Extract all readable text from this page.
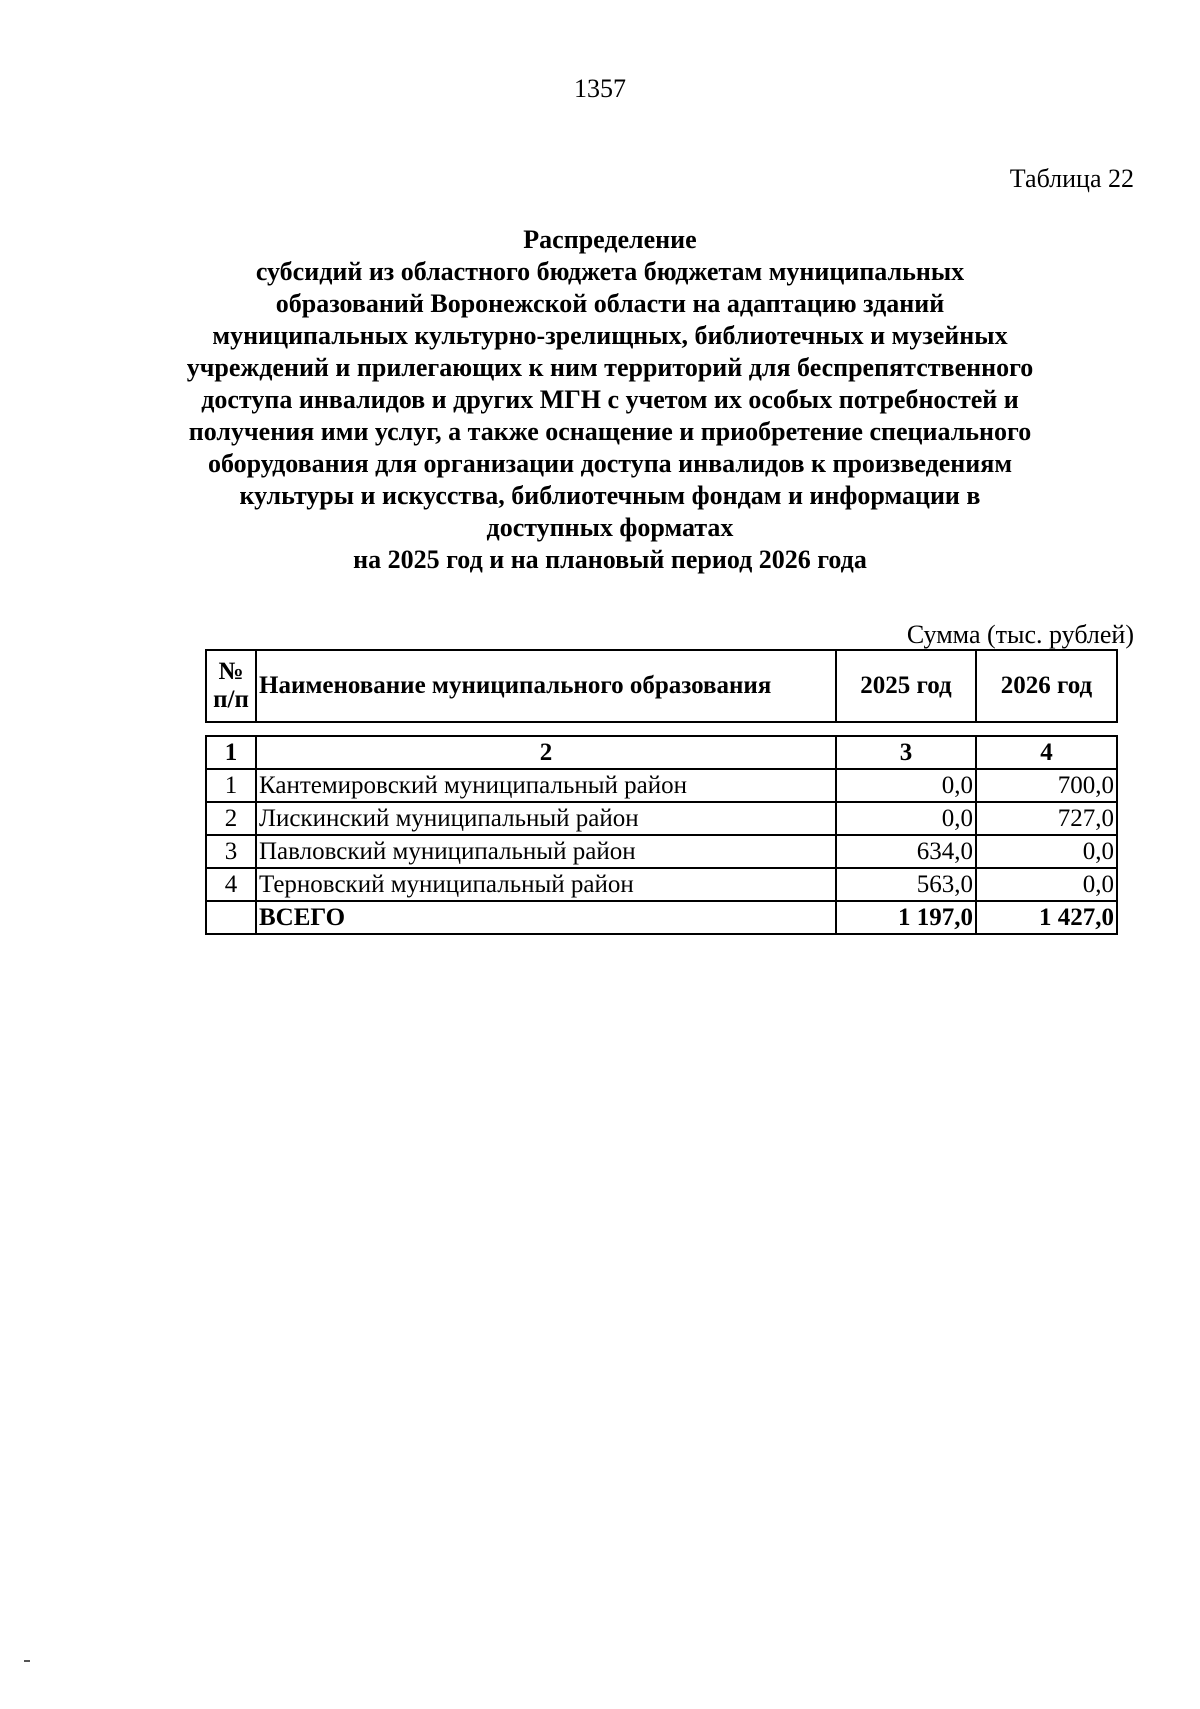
1357
Таблица 22
Распределение
субсидий из областного бюджета бюджетам муниципальных
образований Воронежской области на адаптацию зданий
муниципальных культурно-зрелищных, библиотечных и музейных
учреждений и прилегающих к ним территорий для беспрепятственного
доступа инвалидов и других МГН с учетом их особых потребностей и
получения ими услуг, а также оснащение и приобретение специального
оборудования для организации доступа инвалидов к произведениям
культуры и искусства, библиотечным фондам и информации в
доступных форматах
на 2025 год и на плановый период 2026 года
Сумма (тыс. рублей)
№
п/п	Наименование муниципального образования	2025 год	2026 год
1	2	3	4
1	Кантемировский муниципальный район	0,0	700,0
2	Лискинский муниципальный район	0,0	727,0
3	Павловский муниципальный район	634,0	0,0
4	Терновский муниципальный район	563,0	0,0
	ВСЕГО	1 197,0	1 427,0
